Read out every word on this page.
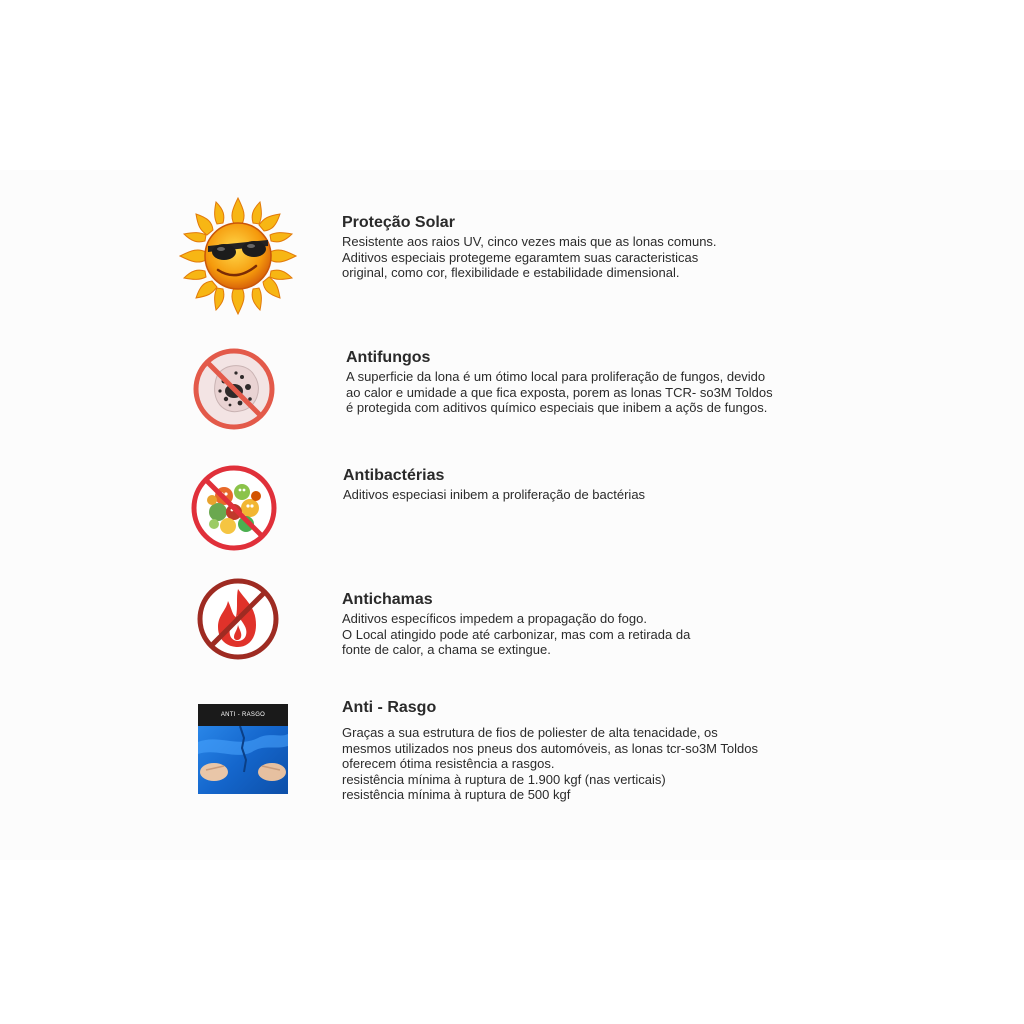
Proteção Solar
Resistente aos raios UV, cinco vezes mais que as lonas comuns.
Aditivos especiais protegeme egaramtem suas caracteristicas
original, como cor, flexibilidade e estabilidade dimensional.
Antifungos
A superficie da lona é um ótimo local para proliferação de fungos, devido
ao calor e umidade a que fica exposta, porem as lonas TCR- so3M Toldos
é protegida com aditivos químico especiais que inibem a açõs de fungos.
Antibactérias
Aditivos especiasi inibem a proliferação de bactérias
Antichamas
Aditivos específicos impedem a propagação do fogo.
O Local atingido pode até carbonizar, mas com a retirada da
fonte de calor, a chama se extingue.
ANTI - RASGO	Anti - Rasgo
Graças a sua estrutura de fios de poliester de alta tenacidade, os
mesmos utilizados nos pneus dos automóveis, as lonas tcr-so3M Toldos
oferecem ótima resistência a rasgos.
resistência mínima à ruptura de 1.900 kgf (nas verticais)
resistência mínima à ruptura de 500 kgf
